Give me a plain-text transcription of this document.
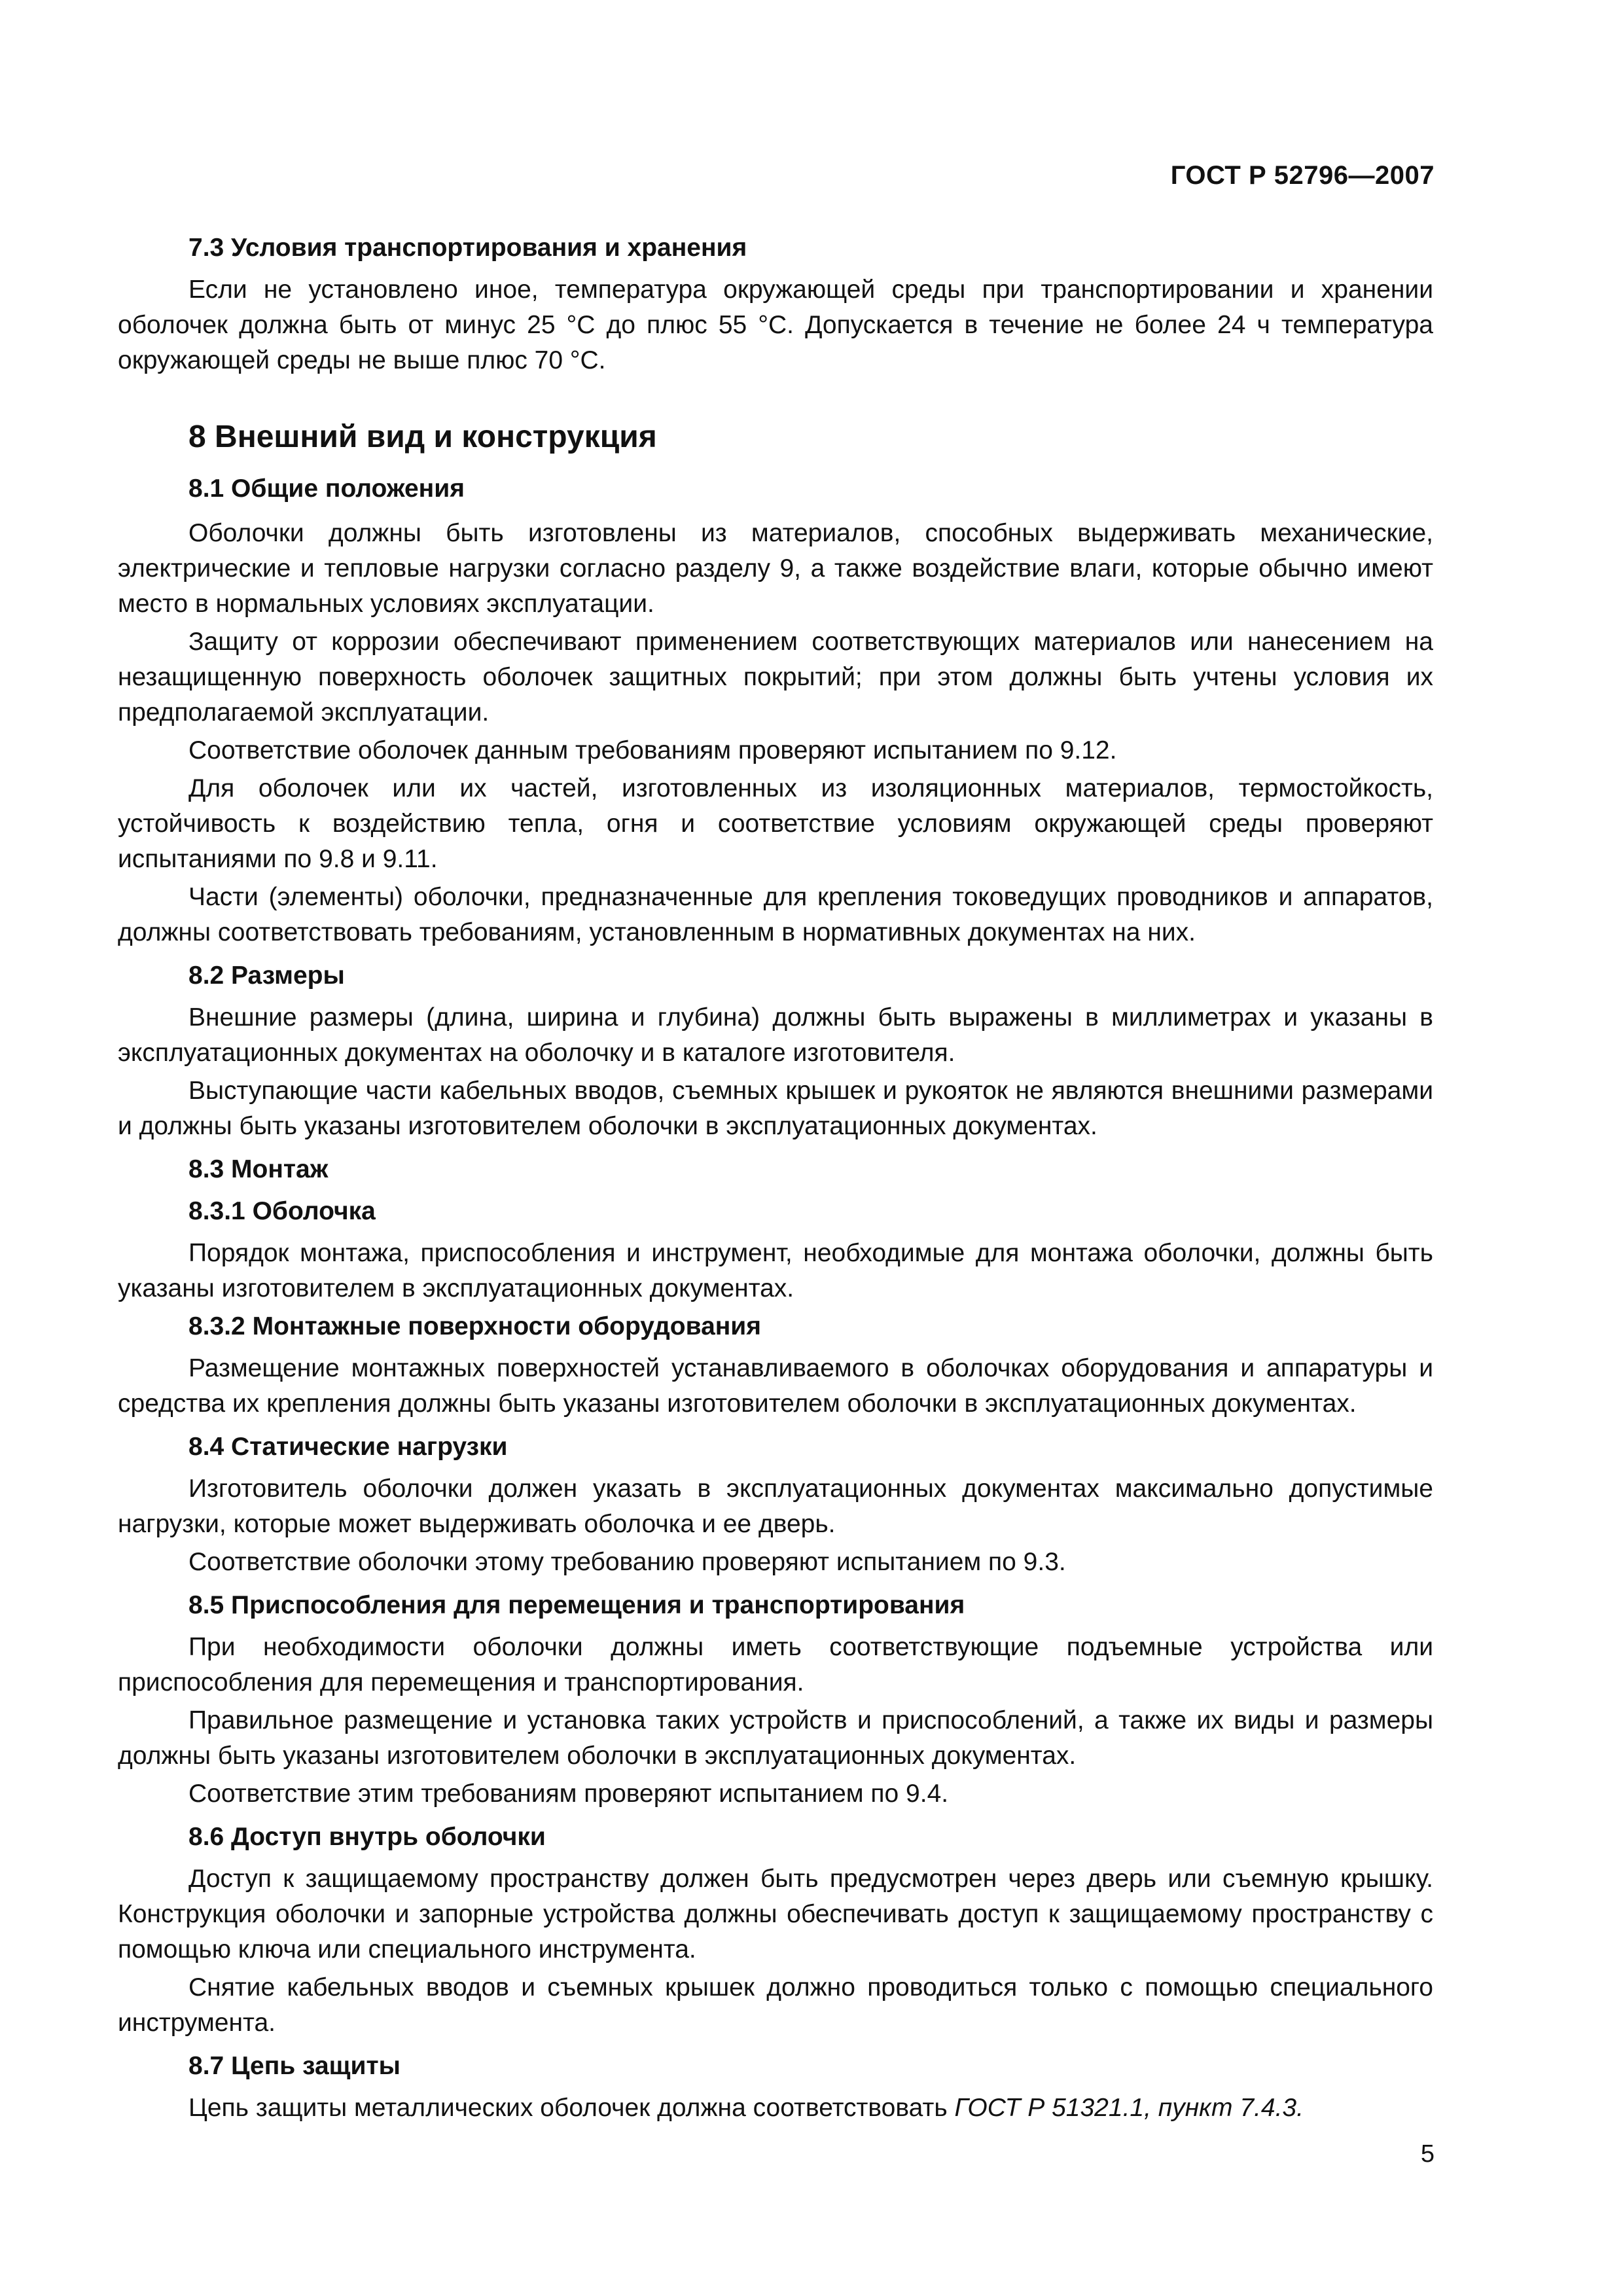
ГОСТ Р 52796—2007
7.3 Условия транспортирования и хранения

Если не установлено иное, температура окружающей среды при транспортировании и хранении оболочек должна быть от минус 25 °С до плюс 55 °С. Допускается в течение не более 24 ч температура окружающей среды не выше плюс 70 °С.

8 Внешний вид и конструкция
8.1 Общие положения

Оболочки должны быть изготовлены из материалов, способных выдерживать механические, электрические и тепловые нагрузки согласно разделу 9, а также воздействие влаги, которые обычно имеют место в нормальных условиях эксплуатации.

Защиту от коррозии обеспечивают применением соответствующих материалов или нанесением на незащищенную поверхность оболочек защитных покрытий; при этом должны быть учтены условия их предполагаемой эксплуатации.

Соответствие оболочек данным требованиям проверяют испытанием по 9.12.

Для оболочек или их частей, изготовленных из изоляционных материалов, термостойкость, устойчивость к воздействию тепла, огня и соответствие условиям окружающей среды проверяют испытаниями по 9.8 и 9.11.

Части (элементы) оболочки, предназначенные для крепления токоведущих проводников и аппаратов, должны соответствовать требованиям, установленным в нормативных документах на них.

8.2 Размеры

Внешние размеры (длина, ширина и глубина) должны быть выражены в миллиметрах и указаны в эксплуатационных документах на оболочку и в каталоге изготовителя.

Выступающие части кабельных вводов, съемных крышек и рукояток не являются внешними размерами и должны быть указаны изготовителем оболочки в эксплуатационных документах.

8.3 Монтаж
8.3.1 Оболочка

Порядок монтажа, приспособления и инструмент, необходимые для монтажа оболочки, должны быть указаны изготовителем в эксплуатационных документах.

8.3.2 Монтажные поверхности оборудования

Размещение монтажных поверхностей устанавливаемого в оболочках оборудования и аппаратуры и средства их крепления должны быть указаны изготовителем оболочки в эксплуатационных документах.

8.4 Статические нагрузки

Изготовитель оболочки должен указать в эксплуатационных документах максимально допустимые нагрузки, которые может выдерживать оболочка и ее дверь.

Соответствие оболочки этому требованию проверяют испытанием по 9.3.

8.5 Приспособления для перемещения и транспортирования

При необходимости оболочки должны иметь соответствующие подъемные устройства или приспособления для перемещения и транспортирования.

Правильное размещение и установка таких устройств и приспособлений, а также их виды и размеры должны быть указаны изготовителем оболочки в эксплуатационных документах.

Соответствие этим требованиям проверяют испытанием по 9.4.

8.6 Доступ внутрь оболочки

Доступ к защищаемому пространству должен быть предусмотрен через дверь или съемную крышку. Конструкция оболочки и запорные устройства должны обеспечивать доступ к защищаемому пространству с помощью ключа или специального инструмента.

Снятие кабельных вводов и съемных крышек должно проводиться только с помощью специального инструмента.

8.7 Цепь защиты

Цепь защиты металлических оболочек должна соответствовать ГОСТ Р 51321.1, пункт 7.4.3.

5
